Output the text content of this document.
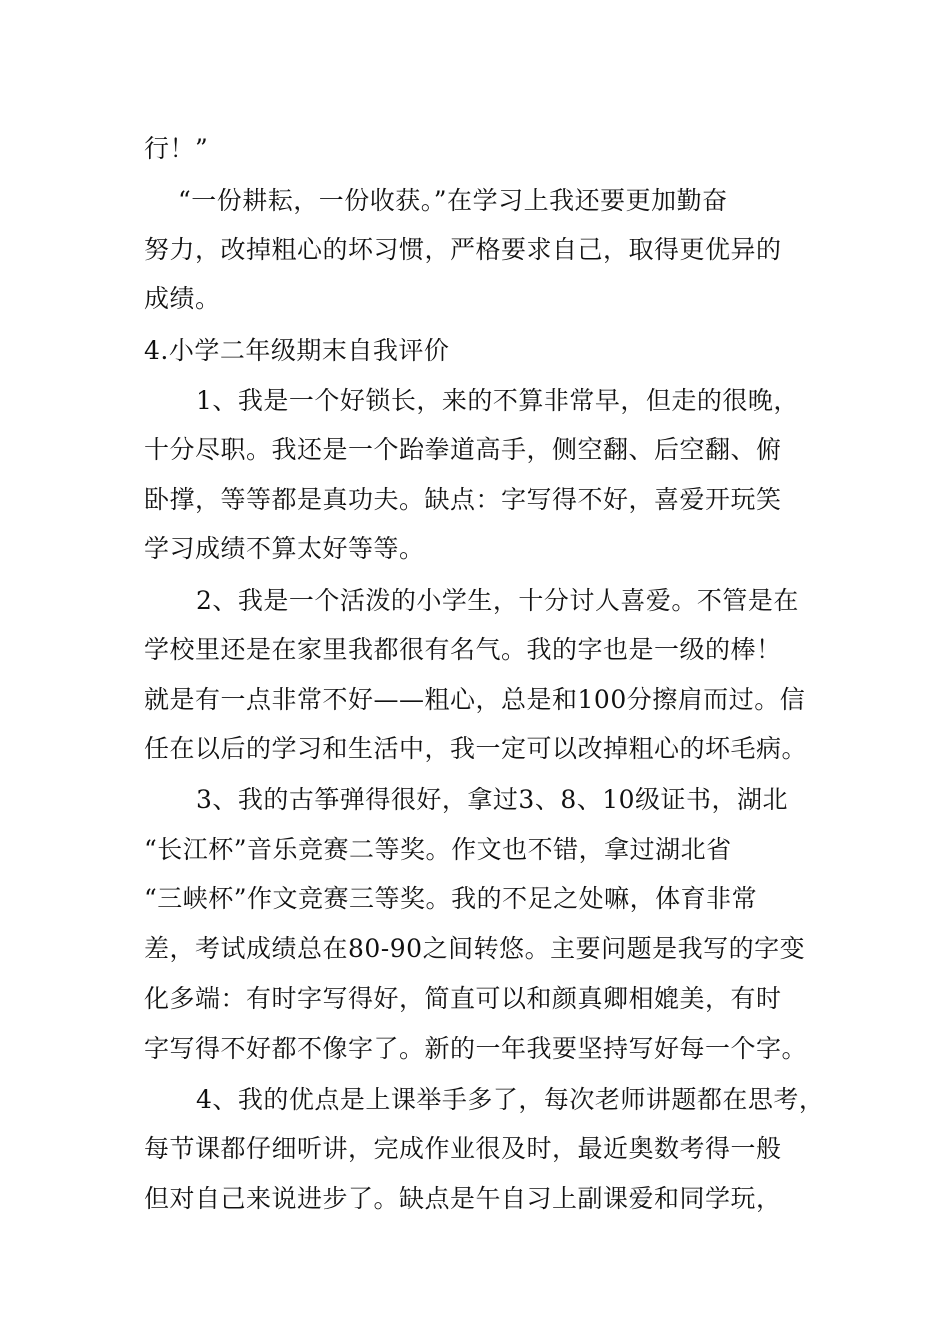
行！”
“一份耕耘，一份收获。”在学习上我还要更加勤奋
努力，改掉粗心的坏习惯，严格要求自己，取得更优异的
成绩。
4.小学二年级期末自我评价
1、我是一个好锁长，来的不算非常早，但走的很晚，
十分尽职。我还是一个跆拳道高手，侧空翻、后空翻、俯
卧撑，等等都是真功夫。缺点：字写得不好，喜爱开玩笑
学习成绩不算太好等等。
2、我是一个活泼的小学生，十分讨人喜爱。不管是在
学校里还是在家里我都很有名气。我的字也是一级的棒！
就是有一点非常不好——粗心，总是和100分擦肩而过。信
任在以后的学习和生活中，我一定可以改掉粗心的坏毛病。
3、我的古筝弹得很好，拿过3、8、10级证书，湖北
“长江杯”音乐竞赛二等奖。作文也不错，拿过湖北省
“三峡杯”作文竞赛三等奖。我的不足之处嘛，体育非常
差，考试成绩总在80-90之间转悠。主要问题是我写的字变
化多端：有时字写得好，简直可以和颜真卿相媲美，有时
字写得不好都不像字了。新的一年我要坚持写好每一个字。
4、我的优点是上课举手多了，每次老师讲题都在思考，
每节课都仔细听讲，完成作业很及时，最近奥数考得一般
但对自己来说进步了。缺点是午自习上副课爱和同学玩，
